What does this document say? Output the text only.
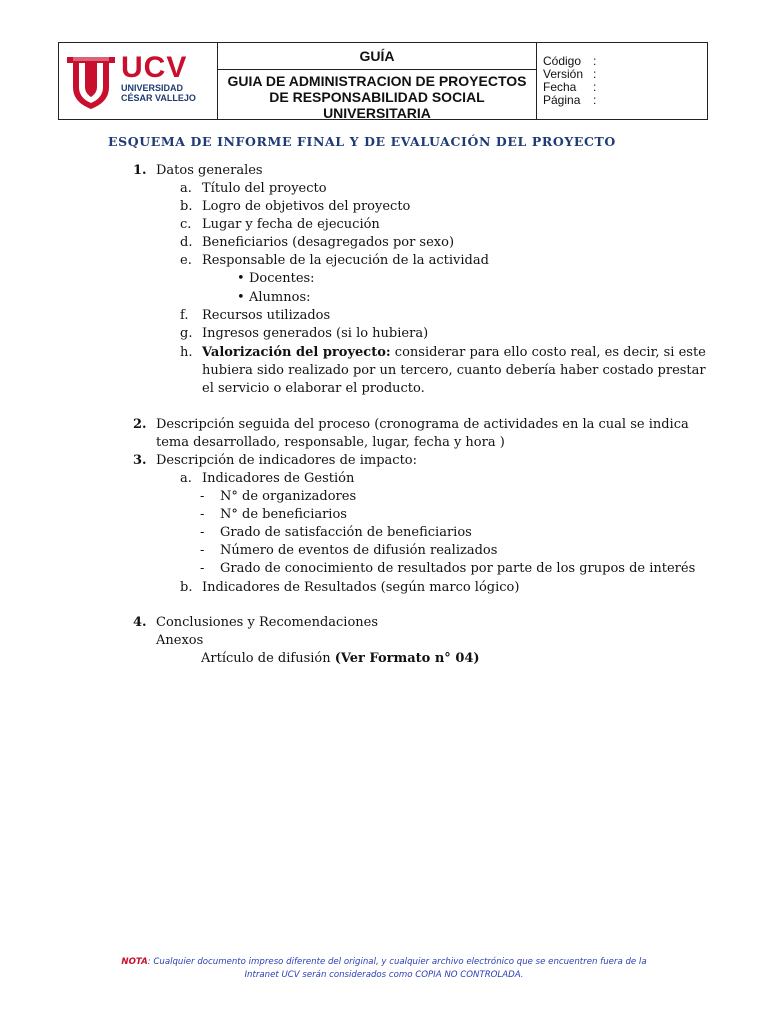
UCV
UNIVERSIDAD
CÉSAR VALLEJO
GUÍA
GUIA DE ADMINISTRACION DE PROYECTOS
DE RESPONSABILIDAD SOCIAL
UNIVERSITARIA
Código :
Versión :
Fecha	:
Página	:
ESQUEMA DE INFORME FINAL Y DE EVALUACIÓN DEL PROYECTO
1. Datos generales
a. Título del proyecto
b. Logro de objetivos del proyecto
c. Lugar y fecha de ejecución
d. Beneficiarios (desagregados por sexo)
e. Responsable de la ejecución de la actividad
• Docentes:
• Alumnos:
f. Recursos utilizados
g. Ingresos generados (si lo hubiera)
h. Valorización del proyecto: considerar para ello costo real, es decir, si este
hubiera sido realizado por un tercero, cuanto debería haber costado prestar
el servicio o elaborar el producto.
2. Descripción seguida del proceso (cronograma de actividades en la cual se indica
tema desarrollado, responsable, lugar, fecha y hora )
3. Descripción de indicadores de impacto:
a. Indicadores de Gestión
- N° de organizadores
- N° de beneficiarios
- Grado de satisfacción de beneficiarios
- Número de eventos de difusión realizados
- Grado de conocimiento de resultados por parte de los grupos de interés
b. Indicadores de Resultados (según marco lógico)
4. Conclusiones y Recomendaciones
Anexos
Artículo de difusión (Ver Formato n° 04)
NOTA: Cualquier documento impreso diferente del original, y cualquier archivo electrónico que se encuentren fuera de la
Intranet UCV serán considerados como COPIA NO CONTROLADA.
